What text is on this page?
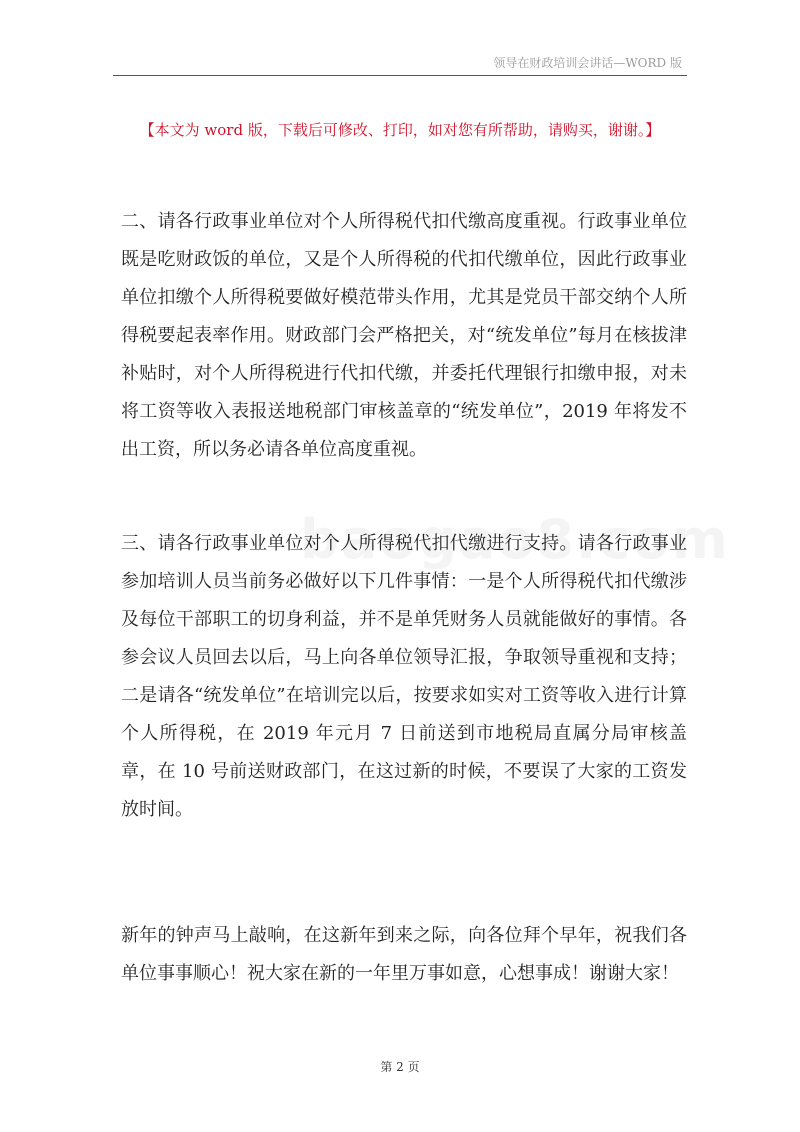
领导在财政培训会讲话—WORD 版
【本文为 word 版，下载后可修改、打印，如对您有所帮助，请购买，谢谢。】

二、请各行政事业单位对个人所得税代扣代缴高度重视。行政事业单位既是吃财政饭的单位，又是个人所得税的代扣代缴单位，因此行政事业单位扣缴个人所得税要做好模范带头作用，尤其是党员干部交纳个人所得税要起表率作用。财政部门会严格把关，对“统发单位”每月在核拔津补贴时，对个人所得税进行代扣代缴，并委托代理银行扣缴申报，对未将工资等收入表报送地税部门审核盖章的“统发单位”，2019 年将发不出工资，所以务必请各单位高度重视。

三、请各行政事业单位对个人所得税代扣代缴进行支持。请各行政事业参加培训人员当前务必做好以下几件事情：一是个人所得税代扣代缴涉及每位干部职工的切身利益，并不是单凭财务人员就能做好的事情。各参会议人员回去以后，马上向各单位领导汇报，争取领导重视和支持；二是请各“统发单位”在培训完以后，按要求如实对工资等收入进行计算个人所得税，在 2019 年元月 7 日前送到市地税局直属分局审核盖章，在 10 号前送财政部门，在这过新的时候，不要误了大家的工资发放时间。

新年的钟声马上敲响，在这新年到来之际，向各位拜个早年，祝我们各单位事事顺心！祝大家在新的一年里万事如意，心想事成！谢谢大家！

第 2 页
